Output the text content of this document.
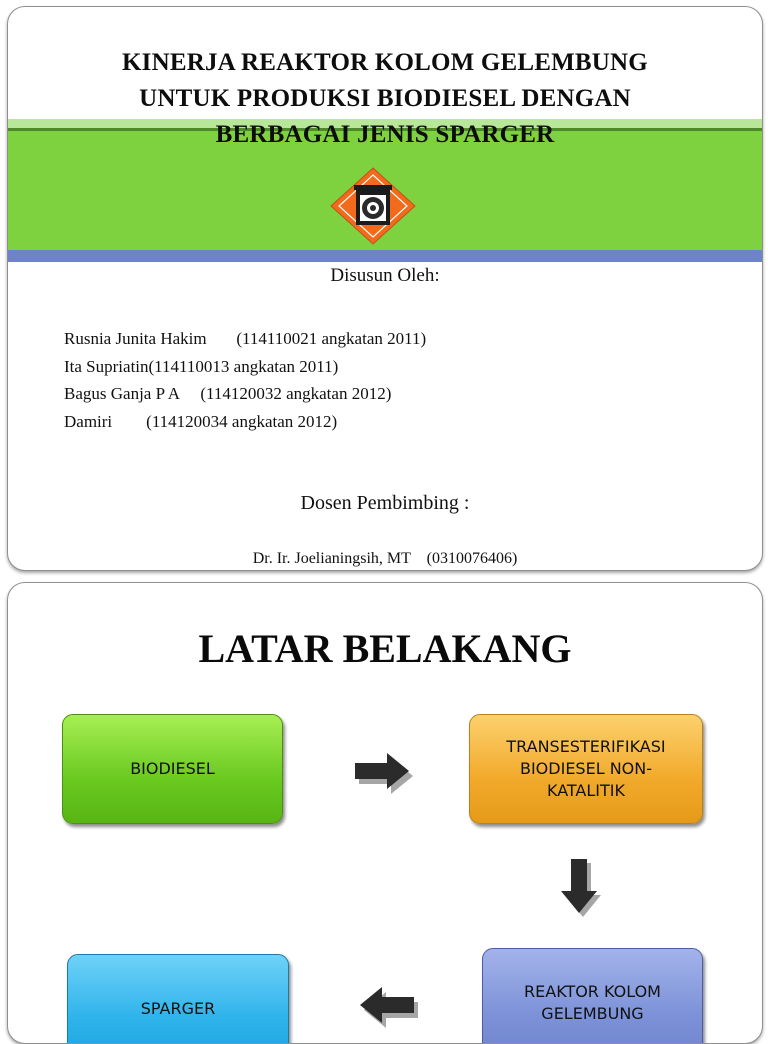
KINERJA REAKTOR KOLOM GELEMBUNG
UNTUK PRODUKSI BIODIESEL DENGAN
BERBAGAI JENIS SPARGER
Disusun Oleh:
Rusnia Junita Hakim       (114110021 angkatan 2011)
Ita Supriatin(114110013 angkatan 2011)
Bagus Ganja P A     (114120032 angkatan 2012)
Damiri        (114120034 angkatan 2012)
Dosen Pembimbing :
Dr. Ir. Joelianingsih, MT    (0310076406)
LATAR BELAKANG
BIODIESEL
TRANSESTERIFIKASI
BIODIESEL NON-
KATALITIK
REAKTOR KOLOM
GELEMBUNG
SPARGER
